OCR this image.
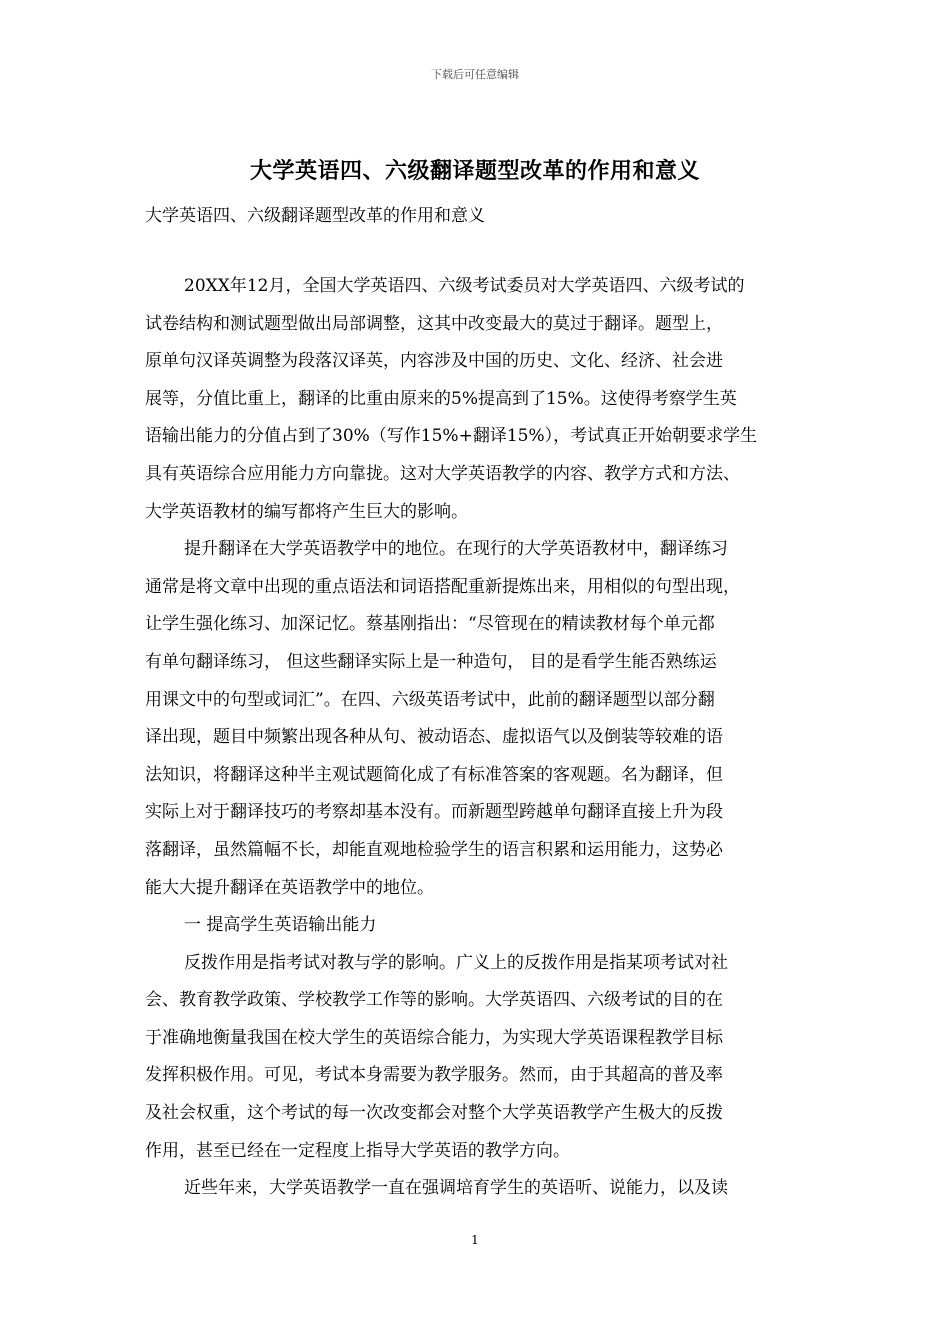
下载后可任意编辑
大学英语四、六级翻译题型改革的作用和意义
大学英语四、六级翻译题型改革的作用和意义
20XX年12月，全国大学英语四、六级考试委员对大学英语四、六级考试的
试卷结构和测试题型做出局部调整，这其中改变最大的莫过于翻译。题型上，
原单句汉译英调整为段落汉译英，内容涉及中国的历史、文化、经济、社会进
展等，分值比重上，翻译的比重由原来的5%提高到了15%。这使得考察学生英
语输出能力的分值占到了30%（写作15%+翻译15%），考试真正开始朝要求学生
具有英语综合应用能力方向靠拢。这对大学英语教学的内容、教学方式和方法、
大学英语教材的编写都将产生巨大的影响。
提升翻译在大学英语教学中的地位。在现行的大学英语教材中，翻译练习
通常是将文章中出现的重点语法和词语搭配重新提炼出来，用相似的句型出现，
让学生强化练习、加深记忆。蔡基刚指出：“尽管现在的精读教材每个单元都
有单句翻译练习， 但这些翻译实际上是一种造句， 目的是看学生能否熟练运
用课文中的句型或词汇”。在四、六级英语考试中，此前的翻译题型以部分翻
译出现，题目中频繁出现各种从句、被动语态、虚拟语气以及倒装等较难的语
法知识，将翻译这种半主观试题简化成了有标准答案的客观题。名为翻译，但
实际上对于翻译技巧的考察却基本没有。而新题型跨越单句翻译直接上升为段
落翻译，虽然篇幅不长，却能直观地检验学生的语言积累和运用能力，这势必
能大大提升翻译在英语教学中的地位。
一 提高学生英语输出能力
反拨作用是指考试对教与学的影响。广义上的反拨作用是指某项考试对社
会、教育教学政策、学校教学工作等的影响。大学英语四、六级考试的目的在
于准确地衡量我国在校大学生的英语综合能力，为实现大学英语课程教学目标
发挥积极作用。可见，考试本身需要为教学服务。然而，由于其超高的普及率
及社会权重，这个考试的每一次改变都会对整个大学英语教学产生极大的反拨
作用，甚至已经在一定程度上指导大学英语的教学方向。
近些年来，大学英语教学一直在强调培育学生的英语听、说能力，以及读
1
